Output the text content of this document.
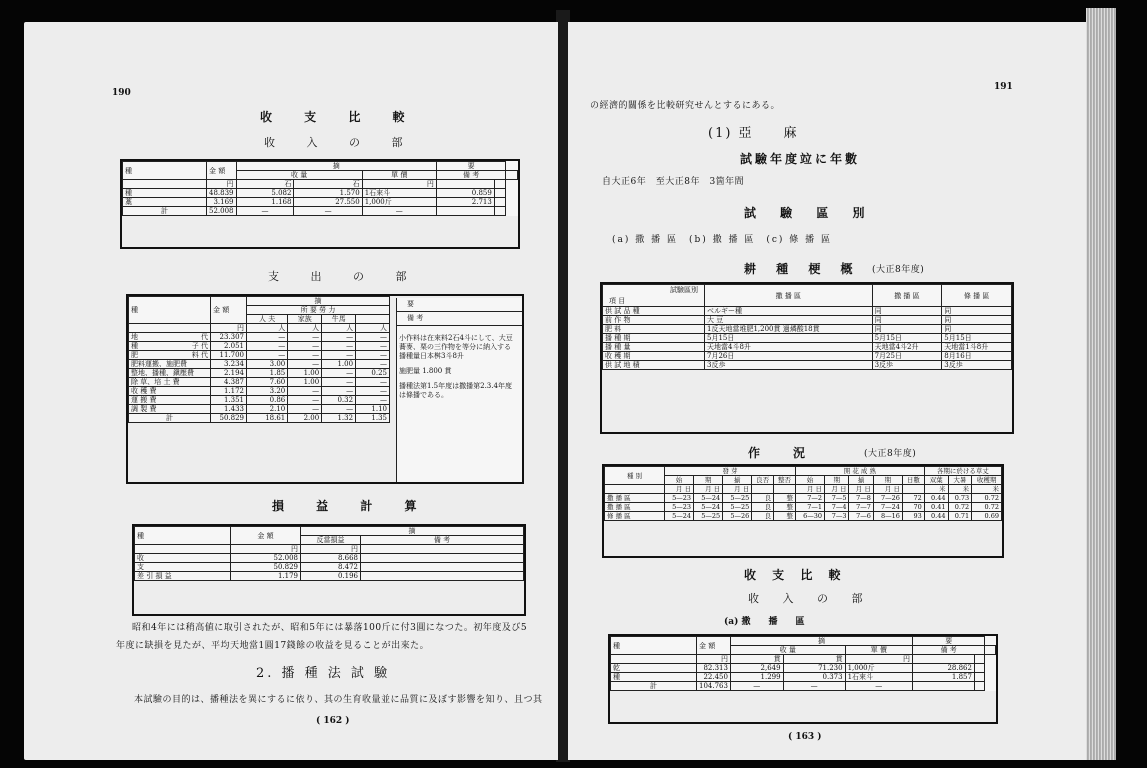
190
收 支 比 較
收 入 の 部
種	金 額	摘			要		
		收 量		單 價	備 考		
	円	石	石	円			
種	48.839	5.082	1.570	1石來斗	0.859		
藁	3.169	1.168	27.550	1,000斤	2.713		
計	52.008	—	—	—			
支 出 の 部
種	金 額	摘			
		所 要 勞 力			
		人 夫	家族	牛馬	
	円	人	人	人	人
地 代	23.307	—	—	—	—
種 子 代	2.051	—	—	—	—
肥 料 代	11.700	—	—	—	—
肥料運搬、施肥費	3.234	3.00	—	1.00	—
整地、播種、鎭壓費	2.194	1.85	1.00	—	0.25
除 草、培 土 費	4.387	7.60	1.00	—	—
收 穫 費	1.172	3.20	—	—	—
運 搬 費	1.351	0.86	—	0.32	—
調 製 費	1.433	2.10	—	—	1.10
計	50.829	18.61	2.00	1.32	1.35
要
備 考
小作料は在來料2石4斗にして、大豆
蕎麥、栗の三作物を等分に納入する
播種量日本桝3斗8升
施肥量 1.800 貫
播種法第1.5年度は撒播第2.3.4年度
は條播である。
損 益 計 算
種	金 額	摘	
		反當損益	備 考
	円	円	
收	52.008	8.668	
支	50.829	8.472	
差 引 損 益	1.179	0.196	
昭和4年には稍高値に取引されたが、昭和5年には暴落100斤に付3圓になつた。初年度及び5
年度に缺損を見たが、平均天地當1圓17錢餘の收益を見ることが出來た。
2. 播 種 法 試 驗
本試驗の目的は、播種法を異にするに依り、其の生育收量並に品質に及ぼす影響を知り、且つ其
( 162 )
191
の經濟的關係を比較研究せんとするにある。
(1) 亞　　麻
試驗年度竝に年數
自大正6年　至大正8年　3箇年間
試 驗 區 別
(a) 撒 播 區　(b) 撒 播 區　(c) 條 播 區
耕 種 梗 概 (大正8年度)
試驗區別
項 目	撒 播 區	撒 播 區	條 播 區
供 試 品 種	ベルギー種	同	同
前 作 物	大 豆	同	同
肥 料	1反天地當堆肥1,200貫 過燐酸18貫	同	同
播 種 期	5月15日	5月15日	5月15日
播 種 量	天地當4斗8升	天地當4斗2升	天地當1斗8升
收 穫 期	7月26日	7月25日	8月16日
供 試 地 積	3反歩	3反歩	3反歩
作　　況	(大正8年度)
種 別	發 芽					開 花 成 熟					各期に於ける草丈		
	始	期	揃	良否	整否	始	期	揃	期	日數	双葉	大暑	收穫期
	月 日	月 日	月 日			月 日	月 日	月 日	月 日		米	米	米
撒 播 區	5—23	5—24	5—25	良	整	7—2	7—5	7—8	7—26	72	0.44	0.73	0.72
撒 播 區	5—23	5—24	5—25	良	整	7—1	7—4	7—7	7—24	70	0.41	0.72	0.72
條 播 區	5—24	5—25	5—26	良	整	6—30	7—3	7—6	8—16	93	0.44	0.71	0.69
收 支 比 較
收 入 の 部
(a) 撒　　播　　區
種	金 額	摘			要		
		收 量		單 價	備 考		
	円	貫	貫	円			
乾	82.313	2,649	71.230	1,000斤	28.862		
種	22.450	1.299	0.373	1石來斗	1.857		
計	104.763	—	—	—			
( 163 )
